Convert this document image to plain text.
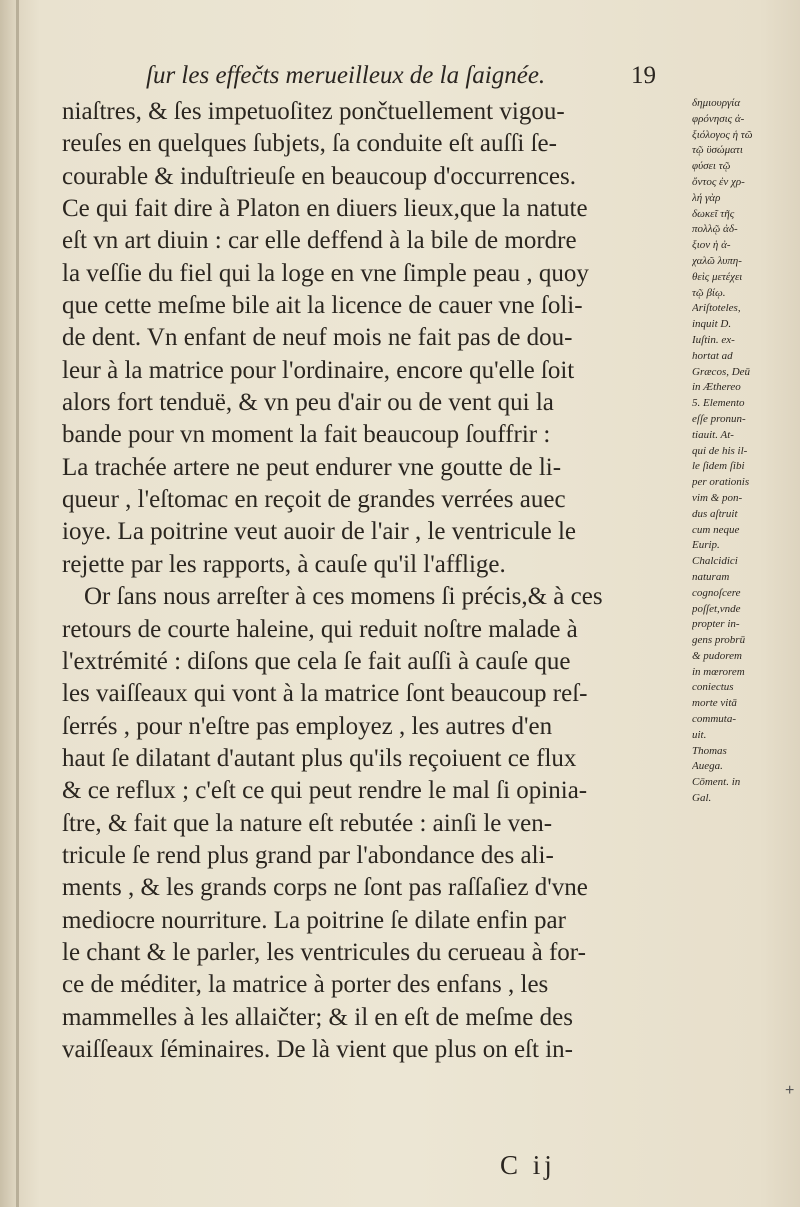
ſur les effečts merueilleux de la ſaignée.	19
niaſtres, & ſes impetuoſitez pončtuellement vigou-
reuſes en quelques ſubjets, ſa conduite eſt auſſi ſe-
courable & induſtrieuſe en beaucoup d'occurrences.
Ce qui fait dire à Platon en diuers lieux,que la natute
eſt vn art diuin : car elle deffend à la bile de mordre
la veſſie du fiel qui la loge en vne ſimple peau , quoy
que cette meſme bile ait la licence de cauer vne ſoli-
de dent. Vn enfant de neuf mois ne fait pas de dou-
leur à la matrice pour l'ordinaire, encore qu'elle ſoit
alors fort tenduë, & vn peu d'air ou de vent qui la
bande pour vn moment la fait beaucoup ſouffrir :
La trachée artere ne peut endurer vne goutte de li-
queur , l'eſtomac en reçoit de grandes verrées auec
ioye. La poitrine veut auoir de l'air , le ventricule le
rejette par les rapports, à cauſe qu'il l'afflige.
Or ſans nous arreſter à ces momens ſi précis,& à ces
retours de courte haleine, qui reduit noſtre malade à
l'extrémité : diſons que cela ſe fait auſſi à cauſe que
les vaiſſeaux qui vont à la matrice ſont beaucoup reſ-
ſerrés , pour n'eſtre pas employez , les autres d'en
haut ſe dilatant d'autant plus qu'ils reçoiuent ce flux
& ce reflux ; c'eſt ce qui peut rendre le mal ſi opinia-
ſtre, & fait que la nature eſt rebutée : ainſi le ven-
tricule ſe rend plus grand par l'abondance des ali-
ments , & les grands corps ne ſont pas raſſaſiez d'vne
mediocre nourriture. La poitrine ſe dilate enfin par
le chant & le parler, les ventricules du cerueau à for-
ce de méditer, la matrice à porter des enfans , les
mammelles à les allaičter; & il en eſt de meſme des
vaiſſeaux ſéminaires. De là vient que plus on eſt in-
δημιουργία
φρόνησις ἀ-
ξιόλογος ἡ τῶ
τῷ ϋσώματι
φύσει τῷ
ὄντος ἐν χρ-
λή γὰρ
δωκεῖ τῆς
πολλῷ ἀδ-
ξιον ἡ ἀ-
χαλῶ λυπη-
θεὶς μετέχει
τῷ βίῳ.
Ariſtoteles,
inquit D.
Iuſtin. ex-
hortat ad
Græcos, Deū
in Æthereo
5. Elemento
eſſe pronun-
tiauit. At-
qui de his il-
le ſidem ſibi
per orationis
vim & pon-
dus aſtruit
cum neque
Eurip.
Chalcidici
naturam
cognoſcere
poſſet,vnde
propter in-
gens probrū
& pudorem
in mœrorem
coniectus
morte vitā
commuta-
uit.
Thomas
Auega.
Cōment. in
Gal.
C ij
+
